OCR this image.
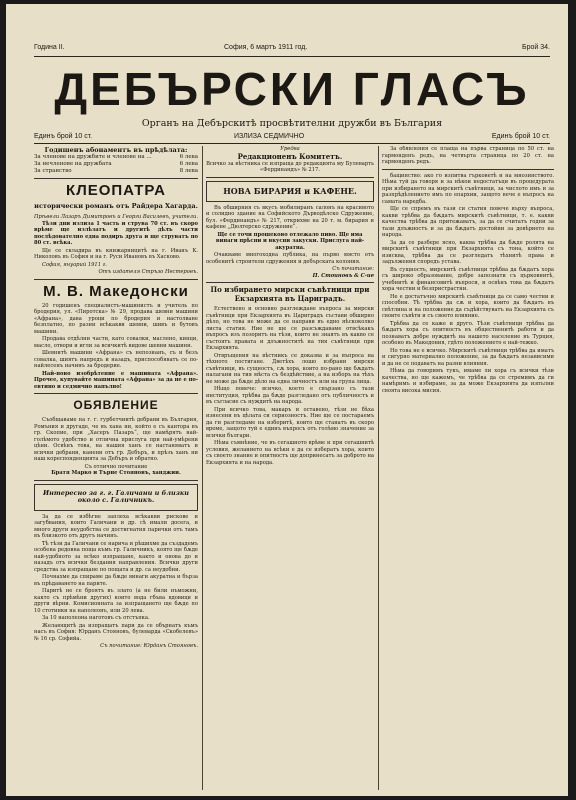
Година II.	София, 6 мартъ 1911 год.	Брой 34.
ДЕБЪРСКИ ГЛАСЪ
Органъ на Дебърскитѣ просвѣтителни дружби въ България
Единъ брой 10 ст.	ИЗЛИЗА СЕДМИЧНО	Единъ брой 10 ст.
Годишенъ абонаментъ въ прѣдѣлата:
За членове на дружбите и членове на ...	6 лева
За нечленове на дружбата	6 лева
За странство	8 лева
КЛЕОПАТРА
исторически романъ отъ Райдера Хагарда.
Прѣвели Лазаръ Димитровъ и Георги Василевъ, учители.

Тѣзи дни излиза 1 часть и струва 70 ст. въ скоро врѣме ще излѣзатъ и другитѣ дѣлъ части послѣдователно една подиръ друга и ще струватъ по 80 ст. всѣка.

Ще се складира въ книжарницитѣ на г. Иванъ К. Николовъ въ София и на г. Руси Ивановъ въ Хасково.

София, януарий 1911 г.

Отъ издателя Стръзо Нестеровъ.
М. В. Македонски

20 годишенъ специалистъ-машинистъ и учитель по бродерия, ул. «Пиротска» № 29, продава шевни машини «Афрана», дава уроци по бродерия и настолване безплатно, по разни всѣкакви шевни, шивъ и бутовъ машини.

Продава отдѣлни части, като совалки, маслено, кинци, масло, отвори и игли за всичкитѣ видове шевни машини.

Шевнитѣ машини «Афрана» съ непознанъ, съ и безъ совалка, шиятъ напредъ и назадъ, приспособяватъ се по-найлесенъ начинъ за бродерие.

Най-ново изобрѣтение е машината «Афрана». Прочее, купувайте машината «Афрана» за да не е по-евтино и седмично напълно!

ОБЯВЛЕНИЕ

Съобщавамe на г. г. гурбетчиитѣ дебрани въ България, Ромъния и другаде, че въ хана ни, който е съ кантора въ гр. Скопие, при „Хасеръ Пазаръ“, ще намѣрятъ най-голѣмото удобство и отлична прислуга при най-умѣрени цѣни. Освѣнъ това, на нашия ханъ се настаняватъ и всички дебрани, канени отъ гр. Дебъръ, и прѣзъ ханъ ни наш кореспонденцията за Дебъръ и обратно.

Съ отлично почитание
Братя Марко и Търне Стояновъ, ханджии.
Интересно за г. г. Галичани и близки около с. Галичникъ.

За да се избѣгне заплеха всѣкакви рискове и загубвания, които Галичани и др. сѣ имали досега, и много други неудобства се достигнатия парички отъ тамъ въ близкото отъ другъ начинъ.

Тѣ тѣзи да Галичани се нарича и рѣшихме да създадемъ особена редовна поща къмъ гр. Галичникъ, която щe бѫде най-удобното за всѣко изпращане, както и онова до и назадъ отъ всички бездания направления. Всички други средства за изпращане по пощата и др. са неудобни.

Почнахме да спираме да бѫде винаги акуратна и бърза въ прѣдаването на парите.

Паритѣ не се броятъ въ злато (а не били нъможни, както съ прѣмѣни других) които вода гбъва вдовици и други вѣрни. Комисионната за изпращането ще бѫде по 10 стотинки на наполеонъ, или 20 лева.

За 10 наполеона наготовъ съ отстъпка.

Желающитѣ да изпращатъ пари да се обърнатъ къмъ насъ въ София: Юрданъ Стояновъ, булеварда «Скобелевъ» № 16 ср. Софийа.

Съ почитание: Юрданъ Стояновъ.
Уредва
Редакционенъ Комитетъ.
Всичко за вѣстника се изпраща до редакцията му Булеварть «Фердинандъ» № 217.
НОВА БИРАРИЯ и КАФЕНЕ.

Въ обширния съ вкусъ мобилиранъ салонъ на красивото и солидно здание на Софийското Дърводѣлско Сдружение, бул. «Фердинандъ» № 217, открихме на 20 т. м. бирария и кафене „Дюлгерско сдружение“.

Ще се точи прошеково отлежало пиво. Ще има винаги прѣсни и вкусни закуски. Прислуга най-акуратна.

Очакваме многоходна публика, на първо място отъ особенитѣ строители сдружения и дебърската колония.

Съ почитание:
П. Стоиновъ & С-ие
По избирането мирски съвѣтници при Екзархията въ Цариградъ.

Естествено и основно разглеждане въпроса за мирски съвѣтници при Екзархията въ Цариградъ състави обширно дѣло, но това не може да се направи въ едно нѣскоколко листа статия. Ние не ще се разсъждаваме отвсѣкакъ въпросъ изъ позоритъ на тѣзи, които не знаятъ въ какво се състоятъ правата и длъжноститѣ на тия съвѣтници при Екзархията.

Отвръщения на вѣстникъ се доказва и за въпроса на тѣхното постигане. Дветѣхъ лошо избрани мирски съвѣтници, въ сущностъ, сѫ хора, които по-рано ще бѫдатъ налагани на тия мѣста съ бездѣйствие, а на изборъ на тѣхъ не може да бѫде дѣло на една личностъ или на група лица.

Нѣщо повече: всичко, което е свързано съ тази институция, трѣбва да бѫде разгледано отъ публичностъ и въ съгласие съ нуждитѣ на народа.

При всичко това, макаръ и оставено, тѣзи не бѣха изнесени въ цѣлата си сериозностъ. Ние ще се постараемъ да ги разгледаме на изборитѣ, които ще станатъ въ скоро време, защото туй е единъ въпросъ отъ голѣмо значение за всички българи.

Нѣма съмнѣние, че въ сегашното врѣме и при сегашнитѣ условия, желанието на всѣки е да се избератъ хора, които съ своето знание и опитностъ ще допринесатъ за доброто на Екзархията и на народа.

За обявления се плаща на първа страница по 50 ст. на гармонденъ редъ, на четвърта страница по 20 ст. на гармонденъ редъ.

бащинство: ако го изпитва гърковетѣ и на мнозинството. Нѣма туй да говоря и за нѣкои недостатъци въ процедурата при избирането на мирскитѣ съвѣтници, за числото имъ и за разпрѣдѣлението имъ по епархии, защото вече е въпросъ на самата наредба.

Ще се спремъ въ тази си статия повече върху въпроса, какви трѣбва да бѫдатъ мирскитѣ съвѣтници, т. е. какви качества трѣбва да притежаватъ, за да се считатъ годни за тази длъжностъ и за да бѫдатъ достойни за довѣрието на народа.

За да се разбере ясно, каква трѣбва да бѫде ролята на мирскитѣ съвѣтници при Екзархията съ тона, който се изисква, трѣбва да се разгледатъ тѣхнитѣ права и задължения споредъ устава.

Въ сущностъ, мирскитѣ съвѣтници трѣбва да бѫдатъ хора съ широко образование, добре запознати съ църковнитѣ, учебнитѣ и финансовитѣ въпроси, и освѣнъ това да бѫдатъ хора честни и безпристрастни.

Не е достатъчно мирскитѣ съвѣтници да се само честни и способни. Тѣ трѣбва да сѫ и хора, които да бѫдатъ въ свѣтлина и на положение да съдѣйствуватъ на Екзархията съ своите съвѣти и съ своето влияние.

Трѣбва да се каже и друго. Тѣзи съвѣтници трѣбва да бѫдатъ хора съ опитностъ въ общественитѣ работи и да познаватъ добре нуждитѣ на нашето население въ Турция, особено въ Македония, гдѣто положението е най-тежко.

Но това не е всичко. Мирскитѣ съвѣтници трѣбва да иматъ и сигурно материално положение, за да бѫдатъ независими и да не се подаватъ на разни влияния.

Нѣма да говоримъ тукъ, имаме ли хора съ всички тѣзи качества, но ще кажемъ, че трѣбва да се стремимъ да ги намѣримъ и избираме, за да може Екзархията да изпълни своята висока мисия.
